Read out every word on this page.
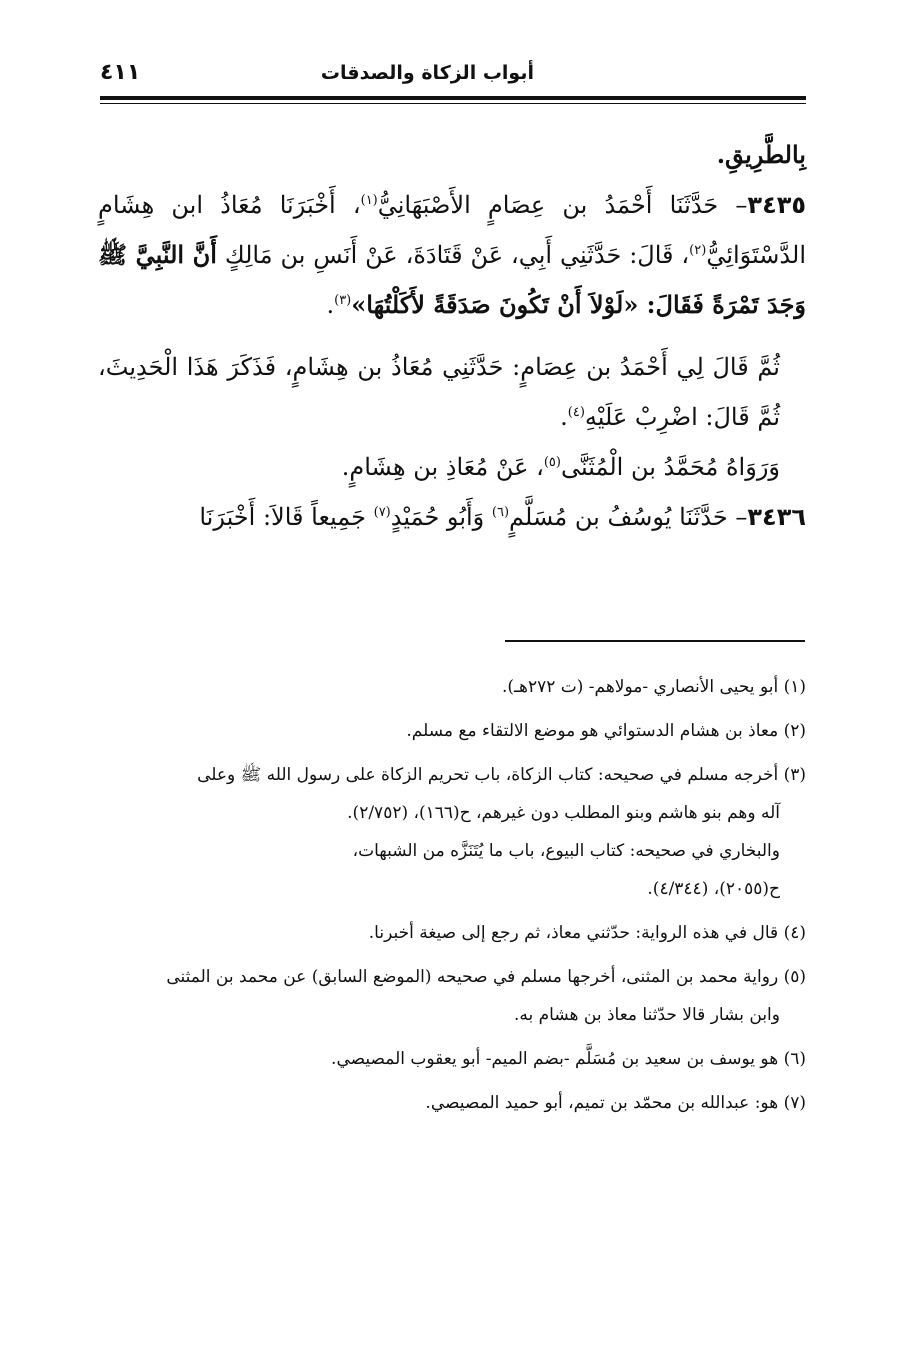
أبواب الزكاة والصدقات
٤١١

بِالطَّرِيقِ.

٣٤٣٥– حَدَّثَنَا أَحْمَدُ بن عِصَامٍ الأَصْبَهَانِيُّ$^{(١)}$، أَخْبَرَنَا مُعَاذُ ابن هِشَامٍ الدَّسْتَوَائِيُّ$^{(٢)}$، قَالَ: حَدَّثَنِي أَبِي، عَنْ قَتَادَةَ، عَنْ أَنَسِ بن مَالِكٍ أَنَّ النَّبِيَّ ﷺ وَجَدَ تَمْرَةً فَقَالَ: «لَوْلاَ أَنْ تَكُونَ صَدَقَةً لأَكَلْتُهَا»$^{(٣)}$.

ثُمَّ قَالَ لِي أَحْمَدُ بن عِصَامٍ: حَدَّثَنِي مُعَاذُ بن هِشَامٍ، فَذَكَرَ هَذَا الْحَدِيثَ، ثُمَّ قَالَ: اضْرِبْ عَلَيْهِ$^{(٤)}$.

وَرَوَاهُ مُحَمَّدُ بن الْمُثَنَّى$^{(٥)}$، عَنْ مُعَاذِ بن هِشَامٍ.

٣٤٣٦– حَدَّثَنَا يُوسُفُ بن مُسَلَّمٍ$^{(٦)}$ وَأَبُو حُمَيْدٍ$^{(٧)}$ جَمِيعاً قَالاَ: أَخْبَرَنَا

(١) أبو يحيى الأنصاري -مولاهم- (ت ٢٧٢هـ).

(٢) معاذ بن هشام الدستوائي هو موضع الالتقاء مع مسلم.

(٣) أخرجه مسلم في صحيحه: كتاب الزكاة، باب تحريم الزكاة على رسول الله ﷺ وعلى
آله وهم بنو هاشم وبنو المطلب دون غيرهم، ح(١٦٦)، (٢/٧٥٢).
والبخاري في صحيحه: كتاب البيوع، باب ما يُتَنَزَّه من الشبهات،
ح(٢٠٥٥)، (٤/٣٤٤).

(٤) قال في هذه الرواية: حدّثني معاذ، ثم رجع إلى صيغة أخبرنا.

(٥) رواية محمد بن المثنى، أخرجها مسلم في صحيحه (الموضع السابق) عن محمد بن المثنى
وابن بشار قالا حدّثنا معاذ بن هشام به.

(٦) هو يوسف بن سعيد بن مُسَلَّم -بضم الميم- أبو يعقوب المصيصي.

(٧) هو: عبدالله بن محمّد بن تميم، أبو حميد المصيصي.
